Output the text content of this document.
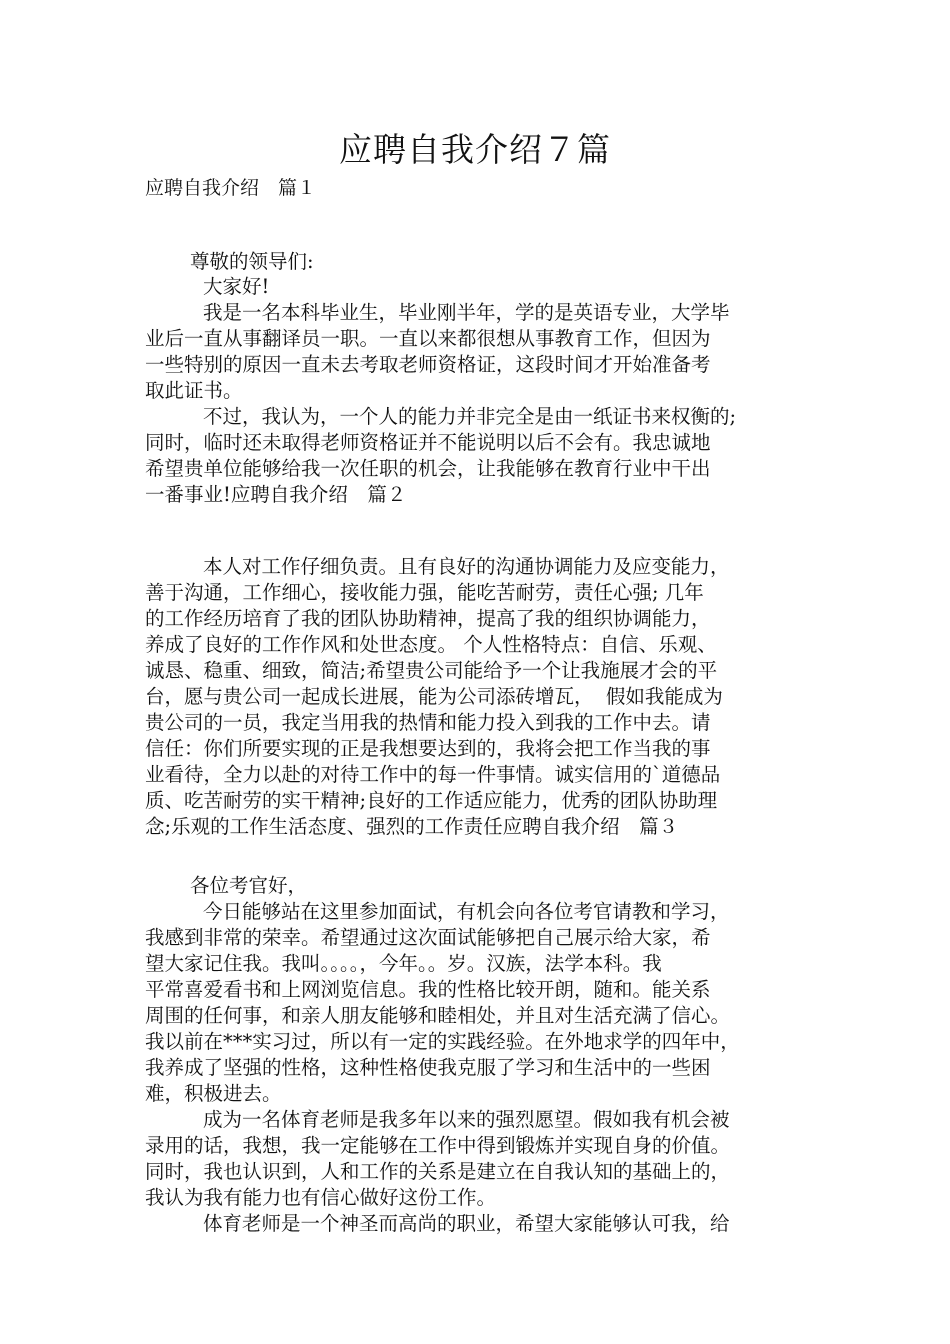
应聘自我介绍７篇
应聘自我介绍　篇１
尊敬的领导们:
大家好!
我是一名本科毕业生，毕业刚半年，学的是英语专业，大学毕
业后一直从事翻译员一职。一直以来都很想从事教育工作，但因为
一些特别的原因一直未去考取老师资格证，这段时间才开始准备考
取此证书。
不过，我认为，一个人的能力并非完全是由一纸证书来权衡的;
同时，临时还未取得老师资格证并不能说明以后不会有。我忠诚地
希望贵单位能够给我一次任职的机会，让我能够在教育行业中干出
一番事业!应聘自我介绍　篇２
本人对工作仔细负责。且有良好的沟通协调能力及应变能力，
善于沟通，工作细心，接收能力强，能吃苦耐劳，责任心强; 几年
的工作经历培育了我的团队协助精神，提高了我的组织协调能力，
养成了良好的工作作风和处世态度。 个人性格特点：自信、乐观、
诚恳、稳重、细致，简洁;希望贵公司能给予一个让我施展才会的平
台，愿与贵公司一起成长进展，能为公司添砖增瓦，  假如我能成为
贵公司的一员，我定当用我的热情和能力投入到我的工作中去。请
信任：你们所要实现的正是我想要达到的，我将会把工作当我的事
业看待，全力以赴的对待工作中的每一件事情。诚实信用的`道德品
质、吃苦耐劳的实干精神;良好的工作适应能力，优秀的团队协助理
念;乐观的工作生活态度、强烈的工作责任应聘自我介绍　篇３
各位考官好，
今日能够站在这里参加面试，有机会向各位考官请教和学习，
我感到非常的荣幸。希望通过这次面试能够把自己展示给大家，希
望大家记住我。我叫。。。。，今年。。岁。汉族，法学本科。我
平常喜爱看书和上网浏览信息。我的性格比较开朗，随和。能关系
周围的任何事，和亲人朋友能够和睦相处，并且对生活充满了信心。
我以前在***实习过，所以有一定的实践经验。在外地求学的四年中，
我养成了坚强的性格，这种性格使我克服了学习和生活中的一些困
难，积极进去。
成为一名体育老师是我多年以来的强烈愿望。假如我有机会被
录用的话，我想，我一定能够在工作中得到锻炼并实现自身的价值。
同时，我也认识到，人和工作的关系是建立在自我认知的基础上的，
我认为我有能力也有信心做好这份工作。
体育老师是一个神圣而高尚的职业，希望大家能够认可我，给
